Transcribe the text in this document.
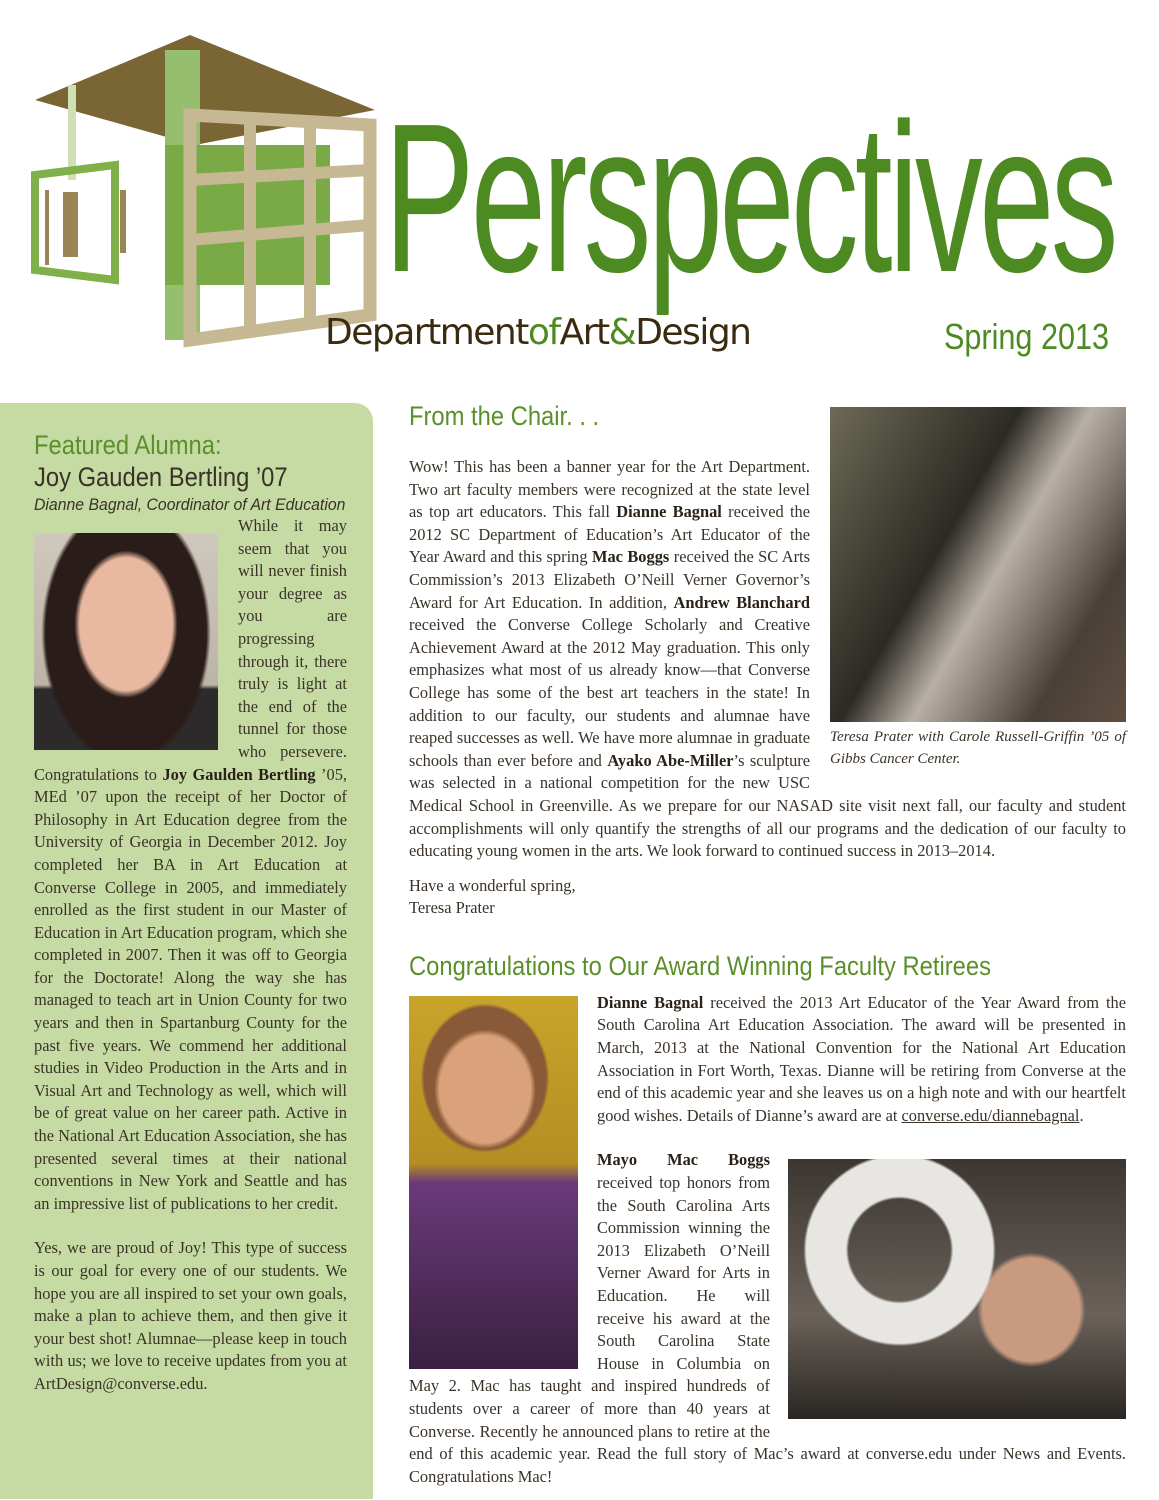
Perspectives
DepartmentofArt&Design	Spring 2013
Featured Alumna:
Joy Gauden Bertling ’07
Dianne Bagnal, Coordinator of Art Education

While it may seem that you will never finish your degree as you are progressing through it, there truly is light at the end of the tunnel for those who persevere. Congratulations to Joy Gaulden Bertling ’05, MEd ’07 upon the receipt of her Doctor of Philosophy in Art Education degree from the University of Georgia in December 2012. Joy completed her BA in Art Education at Converse College in 2005, and immediately enrolled as the first student in our Master of Education in Art Education program, which she completed in 2007. Then it was off to Georgia for the Doctorate! Along the way she has managed to teach art in Union County for two years and then in Spartanburg County for the past five years. We commend her additional studies in Video Production in the Arts and in Visual Art and Technology as well, which will be of great value on her career path. Active in the National Art Education Association, she has presented several times at their national conventions in New York and Seattle and has an impressive list of publications to her credit.

Yes, we are proud of Joy! This type of success is our goal for every one of our students. We hope you are all inspired to set your own goals, make a plan to achieve them, and then give it your best shot! Alumnae—please keep in touch with us; we love to receive updates from you at ArtDesign@converse.edu.

From the Chair. . .
Teresa Prater with Carole Russell-Griffin ’05 of Gibbs Cancer Center.

Wow! This has been a banner year for the Art Department. Two art faculty members were recognized at the state level as top art educators. This fall Dianne Bagnal received the 2012 SC Department of Education’s Art Educator of the Year Award and this spring Mac Boggs received the SC Arts Commission’s 2013 Elizabeth O’Neill Verner Governor’s Award for Art Education. In addition, Andrew Blanchard received the Converse College Scholarly and Creative Achievement Award at the 2012 May graduation. This only emphasizes what most of us already know—that Converse College has some of the best art teachers in the state! In addition to our faculty, our students and alumnae have reaped successes as well. We have more alumnae in graduate schools than ever before and Ayako Abe-Miller’s sculpture was selected in a national competition for the new USC Medical School in Greenville. As we prepare for our NASAD site visit next fall, our faculty and student accomplishments will only quantify the strengths of all our programs and the dedication of our faculty to educating young women in the arts. We look forward to continued success in 2013–2014.

Have a wonderful spring,
Teresa Prater
Congratulations to Our Award Winning Faculty Retirees

Dianne Bagnal received the 2013 Art Educator of the Year Award from the South Carolina Art Education Association. The award will be presented in March, 2013 at the National Convention for the National Art Education Association in Fort Worth, Texas. Dianne will be retiring from Converse at the end of this academic year and she leaves us on a high note and with our heartfelt good wishes. Details of Dianne’s award are at converse.edu/diannebagnal.

Mayo Mac Boggs received top honors from the South Carolina Arts Commission winning the 2013 Elizabeth O’Neill Verner Award for Arts in Education. He will receive his award at the South Carolina State House in Columbia on May 2. Mac has taught and inspired hundreds of students over a career of more than 40 years at Converse. Recently he announced plans to retire at the end of this academic year. Read the full story of Mac’s award at converse.edu under News and Events. Congratulations Mac!
